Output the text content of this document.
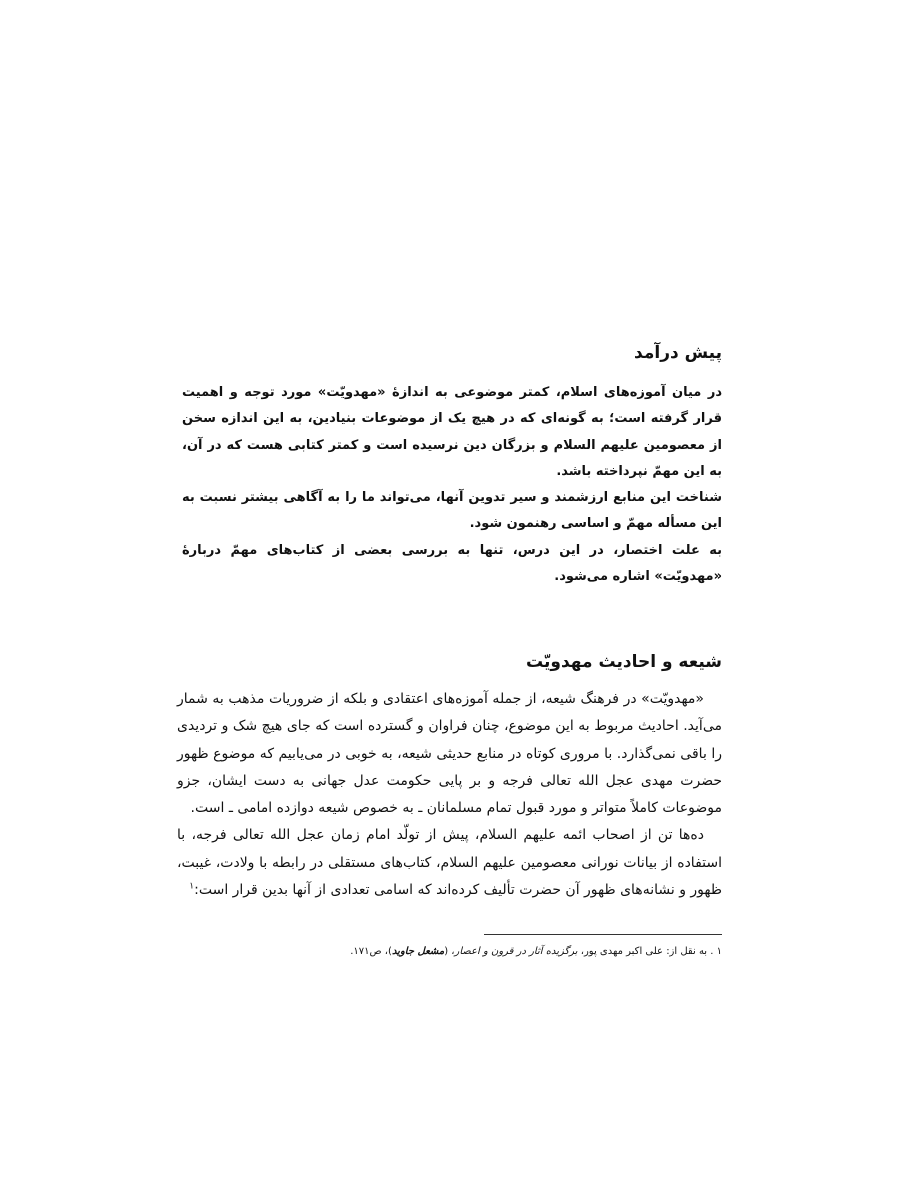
پیش درآمد

در میان آموزه‌های اسلام، کمتر موضوعی به اندازهٔ «مهدویّت» مورد توجه و اهمیت قرار گرفته است؛ به گونه‌ای که در هیچ یک از موضوعات بنیادین، به این اندازه سخن از معصومین علیهم السلام و بزرگان دین نرسیده است و کمتر کتابی هست که در آن، به این مهمّ نپرداخته باشد.

شناخت این منابع ارزشمند و سیر تدوین آنها، می‌تواند ما را به آگاهی بیشتر نسبت به این مسأله مهمّ و اساسی رهنمون شود.

به علت اختصار، در این درس، تنها به بررسی بعضی از کتاب‌های مهمّ دربارهٔ «مهدویّت» اشاره می‌شود.

شیعه و احادیث مهدویّت

«مهدویّت» در فرهنگ شیعه، از جمله آموزه‌های اعتقادی و بلکه از ضروریات مذهب به شمار می‌آید. احادیث مربوط به این موضوع، چنان فراوان و گسترده است که جای هیچ شک و تردیدی را باقی نمی‌گذارد. با مروری کوتاه در منابع حدیثی شیعه، به خوبی در می‌یابیم که موضوع ظهور حضرت مهدی عجل الله تعالی فرجه و بر پایی حکومت عدل جهانی به دست ایشان، جزو موضوعات کاملاً متواتر و مورد قبول تمام مسلمانان ـ به خصوص شیعه دوازده امامی ـ است.

ده‌ها تن از اصحاب ائمه علیهم السلام، پیش از تولّد امام زمان عجل الله تعالی فرجه، با استفاده از بیانات نورانی معصومین علیهم السلام، کتاب‌های مستقلی در رابطه با ولادت، غیبت، ظهور و نشانه‌های ظهور آن حضرت تألیف کرده‌اند که اسامی تعدادی از آنها بدین قرار است:$^۱$

۱ . به نقل از: علی اکبر مهدی پور، برگزیده آثار در قرون و اعصار، (مشعل جاوید)، ص۱۷۱.
